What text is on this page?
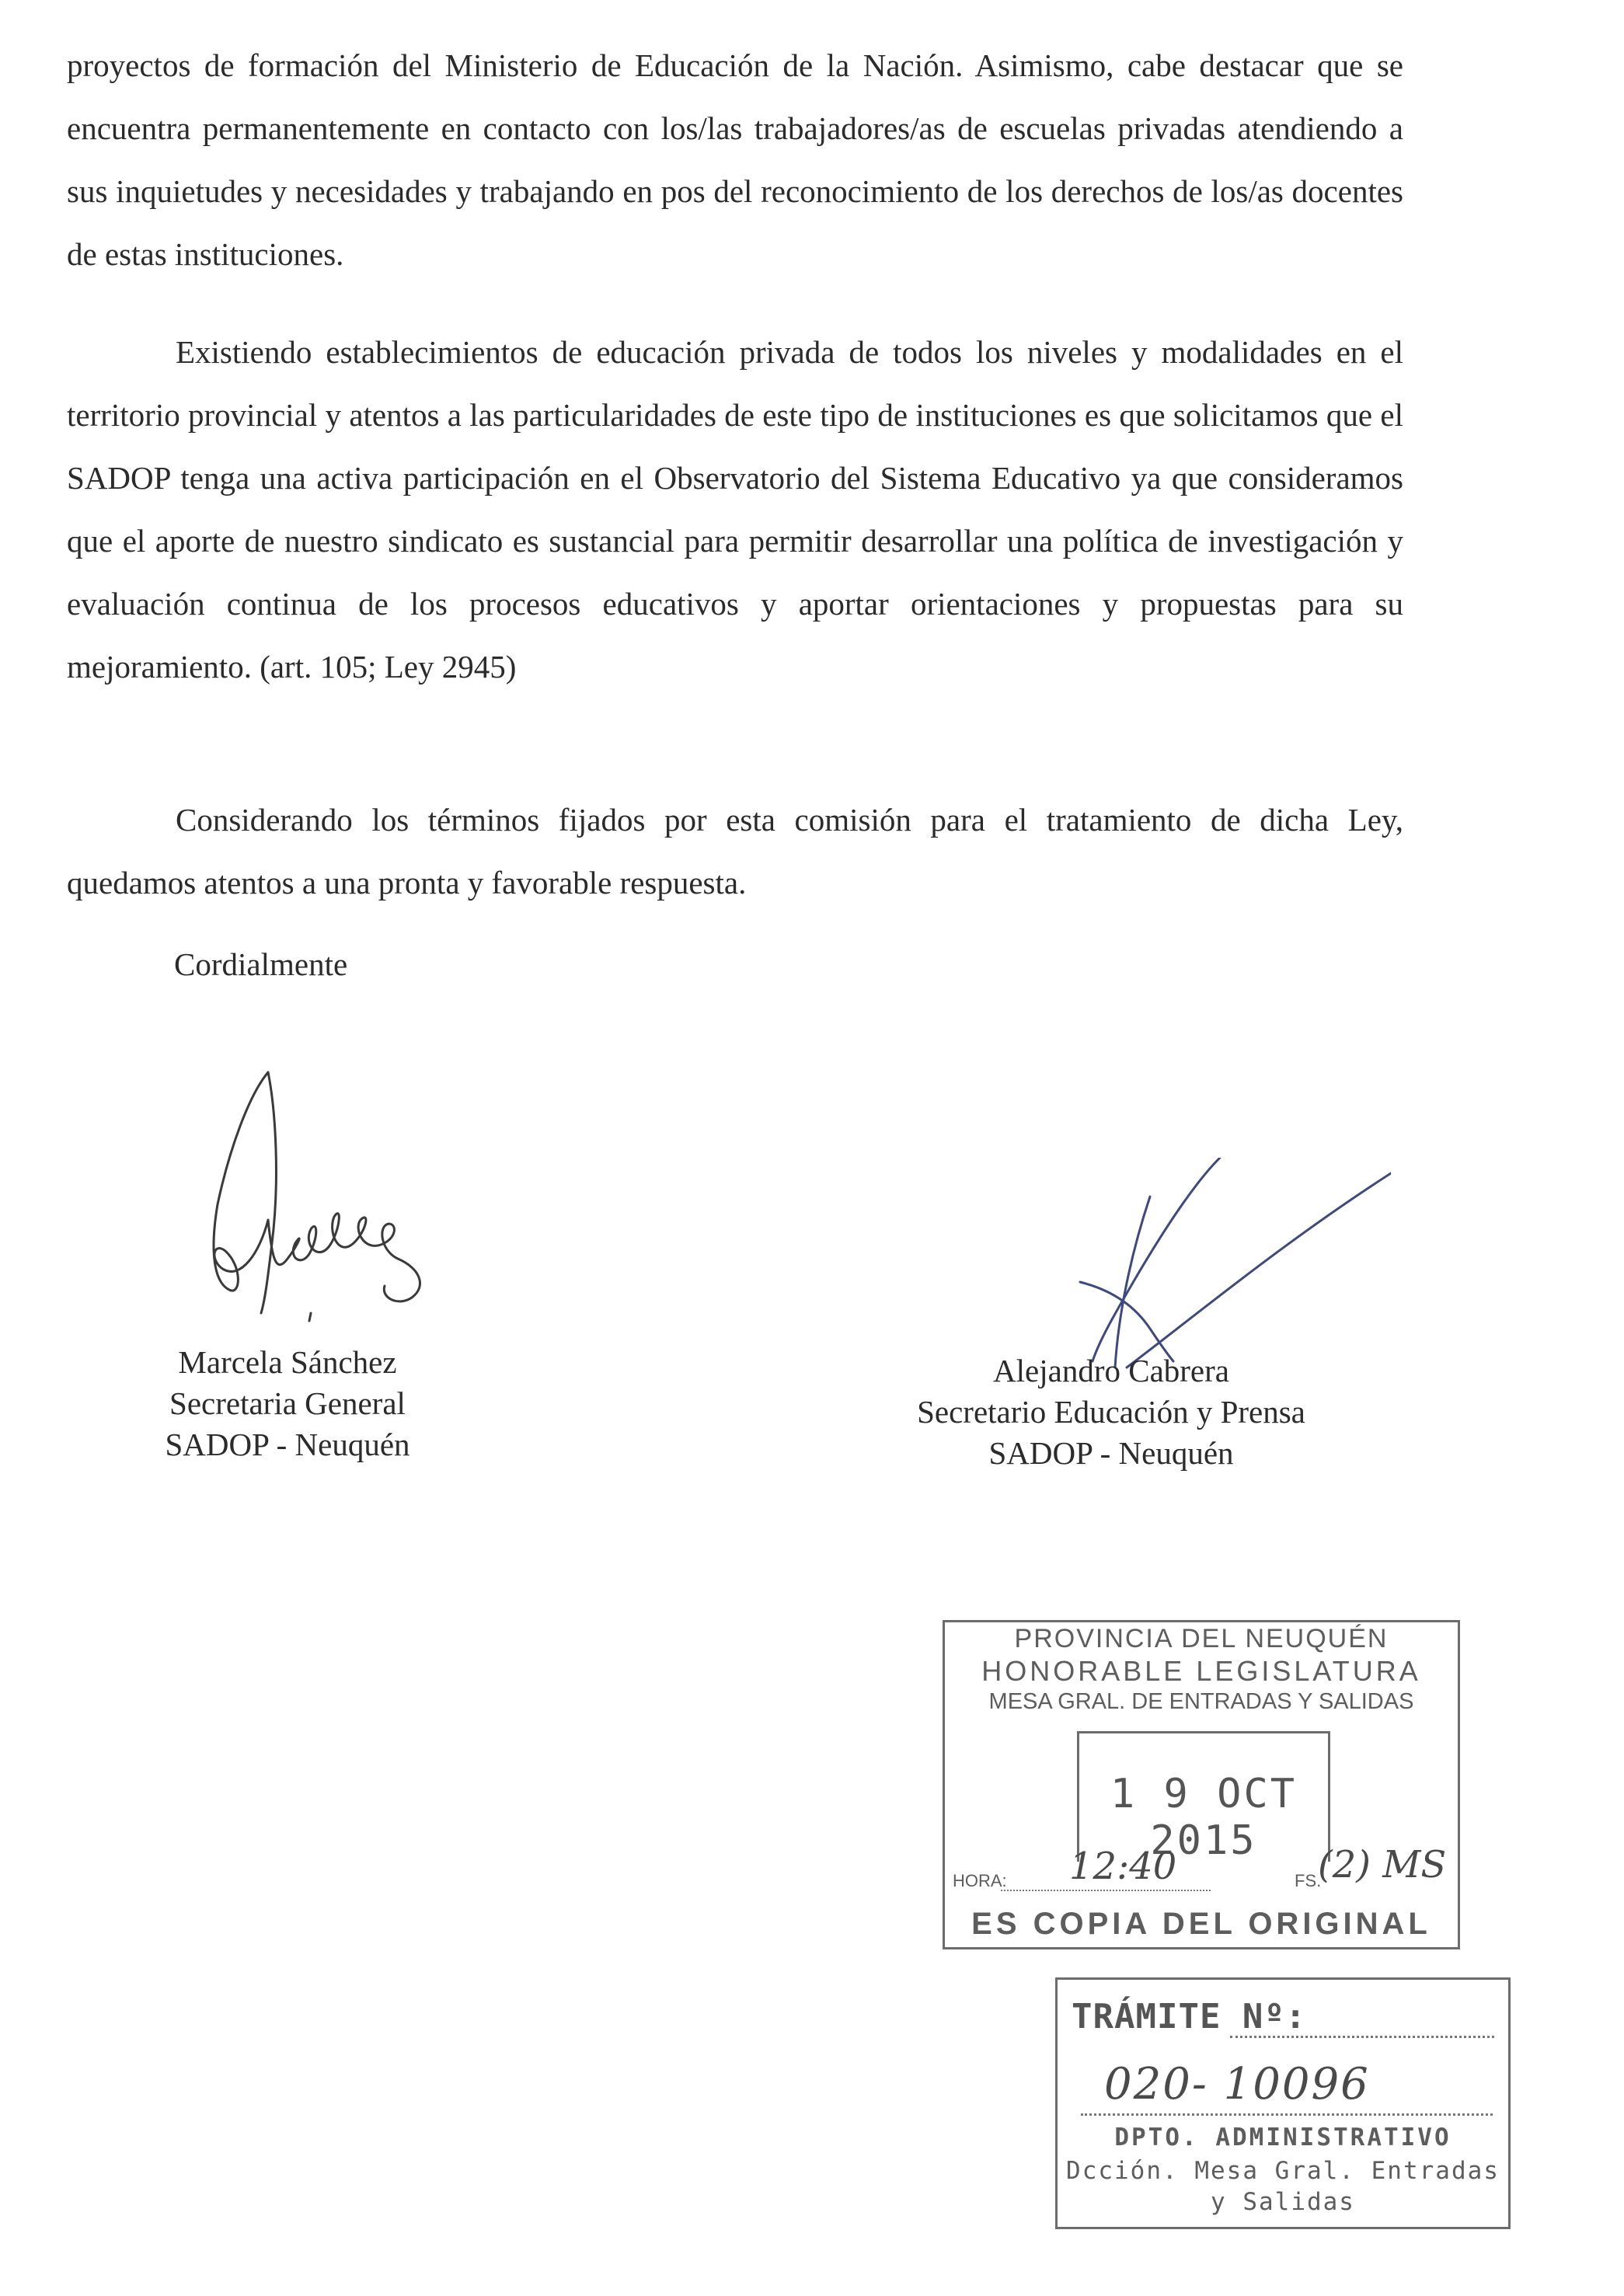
proyectos de formación del Ministerio de Educación de la Nación. Asimismo, cabe destacar que se encuentra permanentemente en contacto con los/las trabajadores/as de escuelas privadas atendiendo a sus inquietudes y necesidades y trabajando en pos del reconocimiento de los derechos de los/as docentes de estas instituciones.

Existiendo establecimientos de educación privada de todos los niveles y modalidades en el territorio provincial y atentos a las particularidades de este tipo de instituciones es que solicitamos que el SADOP tenga una activa participación en el Observatorio del Sistema Educativo ya que consideramos que el aporte de nuestro sindicato es sustancial para permitir desarrollar una política de investigación y evaluación continua de los procesos educativos y aportar orientaciones y propuestas para su mejoramiento. (art. 105; Ley 2945)

Considerando los términos fijados por esta comisión para el tratamiento de dicha Ley, quedamos atentos a una pronta y favorable respuesta.

Cordialmente

Marcela Sánchez
Secretaria General
SADOP - Neuquén
Alejandro Cabrera
Secretario Educación y Prensa
SADOP - Neuquén
PROVINCIA DEL NEUQUÉN
HONORABLE LEGISLATURA
MESA GRAL. DE ENTRADAS Y SALIDAS
1 9 OCT 2015
HORA: 12:40	FS.
(2) MS
ES COPIA DEL ORIGINAL
TRÁMITE Nº:
020- 10096
DPTO. ADMINISTRATIVO
Dcción. Mesa Gral. Entradas
y Salidas
